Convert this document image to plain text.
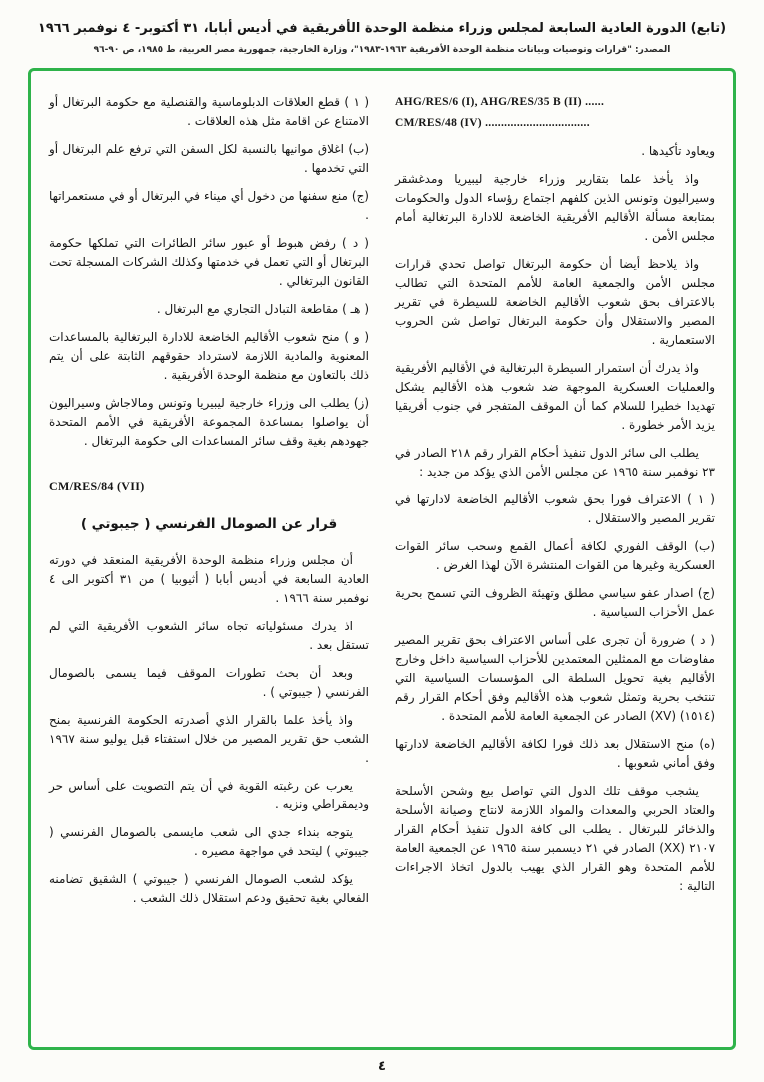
(تابع) الدورة العادية السابعة لمجلس وزراء منظمة الوحدة الأفريقية في أديس أبابا، ٣١ أكتوبر- ٤ نوفمبر ١٩٦٦
المصدر: "قرارات وتوصيات وبيانات منظمة الوحدة الأفريقية ١٩٦٣-١٩٨٣"، وزارة الخارجية، جمهورية مصر العربية، ط ١٩٨٥، ص ٩٠-٩٦
AHG/RES/6 (I), AHG/RES/35 B (II) ......
CM/RES/48 (IV) .................................

ويعاود تأكيدها .

واذ يأخذ علما بتقارير وزراء خارجية ليبيريا ومدغشقر وسيراليون وتونس الذين كلفهم اجتماع رؤساء الدول والحكومات بمتابعة مسألة الأقاليم الأفريقية الخاضعة للادارة البرتغالية أمام مجلس الأمن .

واذ يلاحظ أيضا أن حكومة البرتغال تواصل تحدي قرارات مجلس الأمن والجمعية العامة للأمم المتحدة التي تطالب بالاعتراف بحق شعوب الأقاليم الخاضعة للسيطرة في تقرير المصير والاستقلال وأن حكومة البرتغال تواصل شن الحروب الاستعمارية .

واذ يدرك أن استمرار السيطرة البرتغالية في الأقاليم الأفريقية والعمليات العسكرية الموجهة ضد شعوب هذه الأقاليم يشكل تهديدا خطيرا للسلام كما أن الموقف المتفجر في جنوب أفريقيا يزيد الأمر خطورة .

يطلب الى سائر الدول تنفيذ أحكام القرار رقم ٢١٨ الصادر في ٢٣ نوفمبر سنة ١٩٦٥ عن مجلس الأمن الذي يؤكد من جديد :

( ١ ) الاعتراف فورا بحق شعوب الأقاليم الخاضعة لادارتها في تقرير المصير والاستقلال .

(ب) الوقف الفوري لكافة أعمال القمع وسحب سائر القوات العسكرية وغيرها من القوات المنتشرة الآن لهذا الغرض .

(ج) اصدار عفو سياسي مطلق وتهيئة الظروف التي تسمح بحرية عمل الأحزاب السياسية .

( د ) ضرورة أن تجرى على أساس الاعتراف بحق تقرير المصير مفاوضات مع الممثلين المعتمدين للأحزاب السياسية داخل وخارج الأقاليم بغية تحويل السلطة الى المؤسسات السياسية التي تنتخب بحرية وتمثل شعوب هذه الأقاليم وفق أحكام القرار رقم (١٥١٤) (XV) الصادر عن الجمعية العامة للأمم المتحدة .

(ه) منح الاستقلال بعد ذلك فورا لكافة الأقاليم الخاضعة لادارتها وفق أماني شعوبها .

يشجب موقف تلك الدول التي تواصل بيع وشحن الأسلحة والعتاد الحربي والمعدات والمواد اللازمة لانتاج وصيانة الأسلحة والذخائر للبرتغال . يطلب الى كافة الدول تنفيذ أحكام القرار ٢١٠٧ (XX) الصادر في ٢١ ديسمبر سنة ١٩٦٥ عن الجمعية العامة للأمم المتحدة وهو القرار الذي يهيب بالدول اتخاذ الاجراءات التالية :

( ١ ) قطع العلاقات الدبلوماسية والقنصلية مع حكومة البرتغال أو الامتناع عن اقامة مثل هذه العلاقات .

(ب) اغلاق موانيها بالنسبة لكل السفن التي ترفع علم البرتغال أو التي تخدمها .

(ج) منع سفنها من دخول أي ميناء في البرتغال أو في مستعمراتها .

( د ) رفض هبوط أو عبور سائر الطائرات التي تملكها حكومة البرتغال أو التي تعمل في خدمتها وكذلك الشركات المسجلة تحت القانون البرتغالي .

( هـ ) مقاطعة التبادل التجاري مع البرتغال .

( و ) منح شعوب الأقاليم الخاضعة للادارة البرتغالية بالمساعدات المعنوية والمادية اللازمة لاسترداد حقوقهم الثابتة على أن يتم ذلك بالتعاون مع منظمة الوحدة الأفريقية .

(ز) يطلب الى وزراء خارجية ليبيريا وتونس ومالاجاش وسيراليون أن يواصلوا بمساعدة المجموعة الأفريقية في الأمم المتحدة جهودهم بغية وقف سائر المساعدات الى حكومة البرتغال .

CM/RES/84 (VII)
قرار عن الصومال الفرنسي ( جيبوتي )

أن مجلس وزراء منظمة الوحدة الأفريقية المنعقد في دورته العادية السابعة في أديس أبابا ( أثيوبيا ) من ٣١ أكتوبر الى ٤ نوفمبر سنة ١٩٦٦ .

اذ يدرك مسئولياته تجاه سائر الشعوب الأفريقية التي لم تستقل بعد .

وبعد أن بحث تطورات الموقف فيما يسمى بالصومال الفرنسي ( جيبوتي ) .

واذ يأخذ علما بالقرار الذي أصدرته الحكومة الفرنسية بمنح الشعب حق تقرير المصير من خلال استفتاء قبل يوليو سنة ١٩٦٧ .

يعرب عن رغبته القوية في أن يتم التصويت على أساس حر وديمقراطي ونزيه .

يتوجه بنداء جدي الى شعب مايسمى بالصومال الفرنسي ( جيبوتي ) ليتحد في مواجهة مصيره .

يؤكد لشعب الصومال الفرنسي ( جيبوتي ) الشقيق تضامنه الفعالي بغية تحقيق ودعم استقلال ذلك الشعب .

٤
